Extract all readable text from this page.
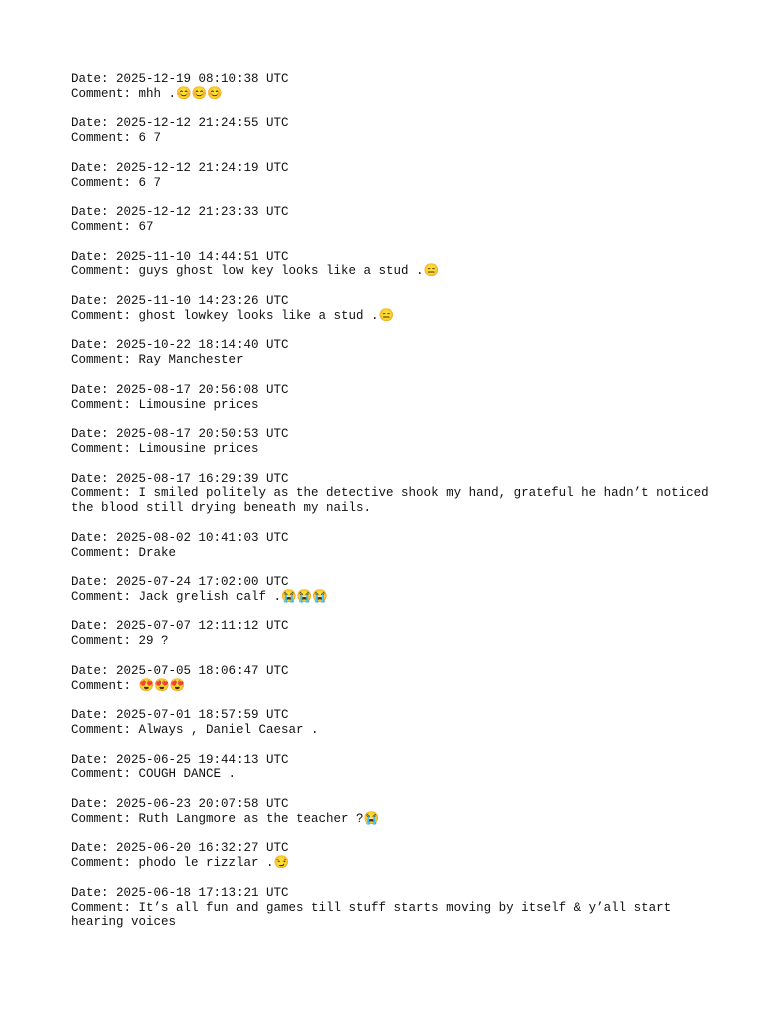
Date: 2025-12-19 08:10:38 UTC
Comment: mhh .😊😊😊
Date: 2025-12-12 21:24:55 UTC
Comment: 6 7
Date: 2025-12-12 21:24:19 UTC
Comment: 6 7
Date: 2025-12-12 21:23:33 UTC
Comment: 67
Date: 2025-11-10 14:44:51 UTC
Comment: guys ghost low key looks like a stud .😑
Date: 2025-11-10 14:23:26 UTC
Comment: ghost lowkey looks like a stud .😑
Date: 2025-10-22 18:14:40 UTC
Comment: Ray Manchester
Date: 2025-08-17 20:56:08 UTC
Comment: Limousine prices
Date: 2025-08-17 20:50:53 UTC
Comment: Limousine prices
Date: 2025-08-17 16:29:39 UTC
Comment: I smiled politely as the detective shook my hand, grateful he hadn’t noticed the blood still drying beneath my nails.
Date: 2025-08-02 10:41:03 UTC
Comment: Drake
Date: 2025-07-24 17:02:00 UTC
Comment: Jack grelish calf .😭😭😭
Date: 2025-07-07 12:11:12 UTC
Comment: 29 ?
Date: 2025-07-05 18:06:47 UTC
Comment: 😍😍😍
Date: 2025-07-01 18:57:59 UTC
Comment: Always , Daniel Caesar .
Date: 2025-06-25 19:44:13 UTC
Comment: COUGH DANCE .
Date: 2025-06-23 20:07:58 UTC
Comment: Ruth Langmore as the teacher ?😭
Date: 2025-06-20 16:32:27 UTC
Comment: phodo le rizzlar .😏
Date: 2025-06-18 17:13:21 UTC
Comment: It’s all fun and games till stuff starts moving by itself & y’all start hearing voices
